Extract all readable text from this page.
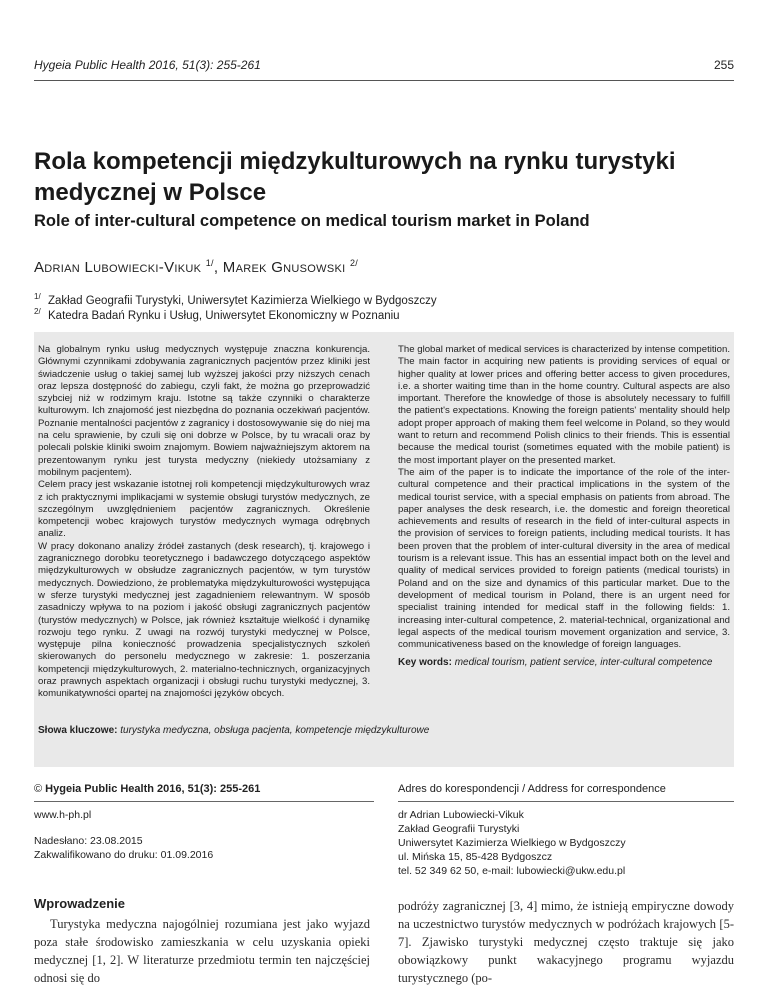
Hygeia Public Health 2016, 51(3): 255-261	255
Rola kompetencji międzykulturowych na rynku turystyki medycznej w Polsce
Role of inter-cultural competence on medical tourism market in Poland
Adrian Lubowiecki-Vikuk $^{1/}$, Marek Gnusowski $^{2/}$
$^{1/}$ Zakład Geografii Turystyki, Uniwersytet Kazimierza Wielkiego w Bydgoszczy
$^{2/}$ Katedra Badań Rynku i Usług, Uniwersytet Ekonomiczny w Poznaniu

Na globalnym rynku usług medycznych występuje znaczna konkurencja. Głównymi czynnikami zdobywania zagranicznych pacjentów przez kliniki jest świadczenie usług o takiej samej lub wyższej jakości przy niższych cenach oraz lepsza dostępność do zabiegu, czyli fakt, że można go przeprowadzić szybciej niż w rodzimym kraju. Istotne są także czynniki o charakterze kulturowym. Ich znajomość jest niezbędna do poznania oczekiwań pacjentów. Poznanie mentalności pacjentów z zagranicy i dostosowywanie się do niej ma na celu sprawienie, by czuli się oni dobrze w Polsce, by tu wracali oraz by polecali polskie kliniki swoim znajomym. Bowiem najważniejszym aktorem na prezentowanym rynku jest turysta medyczny (niekiedy utożsamiany z mobilnym pacjentem).

Celem pracy jest wskazanie istotnej roli kompetencji międzykulturowych wraz z ich praktycznymi implikacjami w systemie obsługi turystów medycznych, ze szczególnym uwzględnieniem pacjentów zagranicznych. Określenie kompetencji wobec krajowych turystów medycznych wymaga odrębnych analiz.

W pracy dokonano analizy źródeł zastanych (desk research), tj. krajowego i zagranicznego dorobku teoretycznego i badawczego dotyczącego aspektów międzykulturowych w obsłudze zagranicznych pacjentów, w tym turystów medycznych. Dowiedziono, że problematyka międzykulturowości występująca w sferze turystyki medycznej jest zagadnieniem relewantnym. W sposób zasadniczy wpływa to na poziom i jakość obsługi zagranicznych pacjentów (turystów medycznych) w Polsce, jak również kształtuje wielkość i dynamikę rozwoju tego rynku. Z uwagi na rozwój turystyki medycznej w Polsce, występuje pilna konieczność prowadzenia specjalistycznych szkoleń skierowanych do personelu medycznego w zakresie: 1. poszerzania kompetencji międzykulturowych, 2. materialno-technicznych, organizacyjnych oraz prawnych aspektach organizacji i obsługi ruchu turystyki medycznej, 3. komunikatywności opartej na znajomości języków obcych.

The global market of medical services is characterized by intense competition. The main factor in acquiring new patients is providing services of equal or higher quality at lower prices and offering better access to given procedures, i.e. a shorter waiting time than in the home country. Cultural aspects are also important. Therefore the knowledge of those is absolutely necessary to fulfill the patient's expectations. Knowing the foreign patients' mentality should help adopt proper approach of making them feel welcome in Poland, so they would want to return and recommend Polish clinics to their friends. This is essential because the medical tourist (sometimes equated with the mobile patient) is the most important player on the presented market.

The aim of the paper is to indicate the importance of the role of the inter-cultural competence and their practical implications in the system of the medical tourist service, with a special emphasis on patients from abroad. The paper analyses the desk research, i.e. the domestic and foreign theoretical achievements and results of research in the field of inter-cultural aspects in the provision of services to foreign patients, including medical tourists. It has been proven that the problem of inter-cultural diversity in the area of medical tourism is a relevant issue. This has an essential impact both on the level and quality of medical services provided to foreign patients (medical tourists) in Poland and on the size and dynamics of this particular market. Due to the development of medical tourism in Poland, there is an urgent need for specialist training intended for medical staff in the following fields: 1. increasing inter-cultural competence, 2. material-technical, organizational and legal aspects of the medical tourism movement organization and service, 3. communicativeness based on the knowledge of foreign languages.

Key words: medical tourism, patient service, inter-cultural competence
Słowa kluczowe: turystyka medyczna, obsługa pacjenta, kompetencje międzykulturowe
© Hygeia Public Health 2016, 51(3): 255-261
www.h-ph.pl
Nadesłano: 23.08.2015
Zakwalifikowano do druku: 01.09.2016
Adres do korespondencji / Address for correspondence
dr Adrian Lubowiecki-Vikuk
Zakład Geografii Turystyki
Uniwersytet Kazimierza Wielkiego w Bydgoszczy
ul. Mińska 15, 85-428 Bydgoszcz
tel. 52 349 62 50, e-mail: lubowiecki@ukw.edu.pl
Wprowadzenie

Turystyka medyczna najogólniej rozumiana jest jako wyjazd poza stałe środowisko zamieszkania w celu uzyskania opieki medycznej [1, 2]. W literaturze przedmiotu termin ten najczęściej odnosi się do

podróży zagranicznej [3, 4] mimo, że istnieją empiryczne dowody na uczestnictwo turystów medycznych w podróżach krajowych [5-7]. Zjawisko turystyki medycznej często traktuje się jako obowiązkowy punkt wakacyjnego programu wyjazdu turystycznego (po-
